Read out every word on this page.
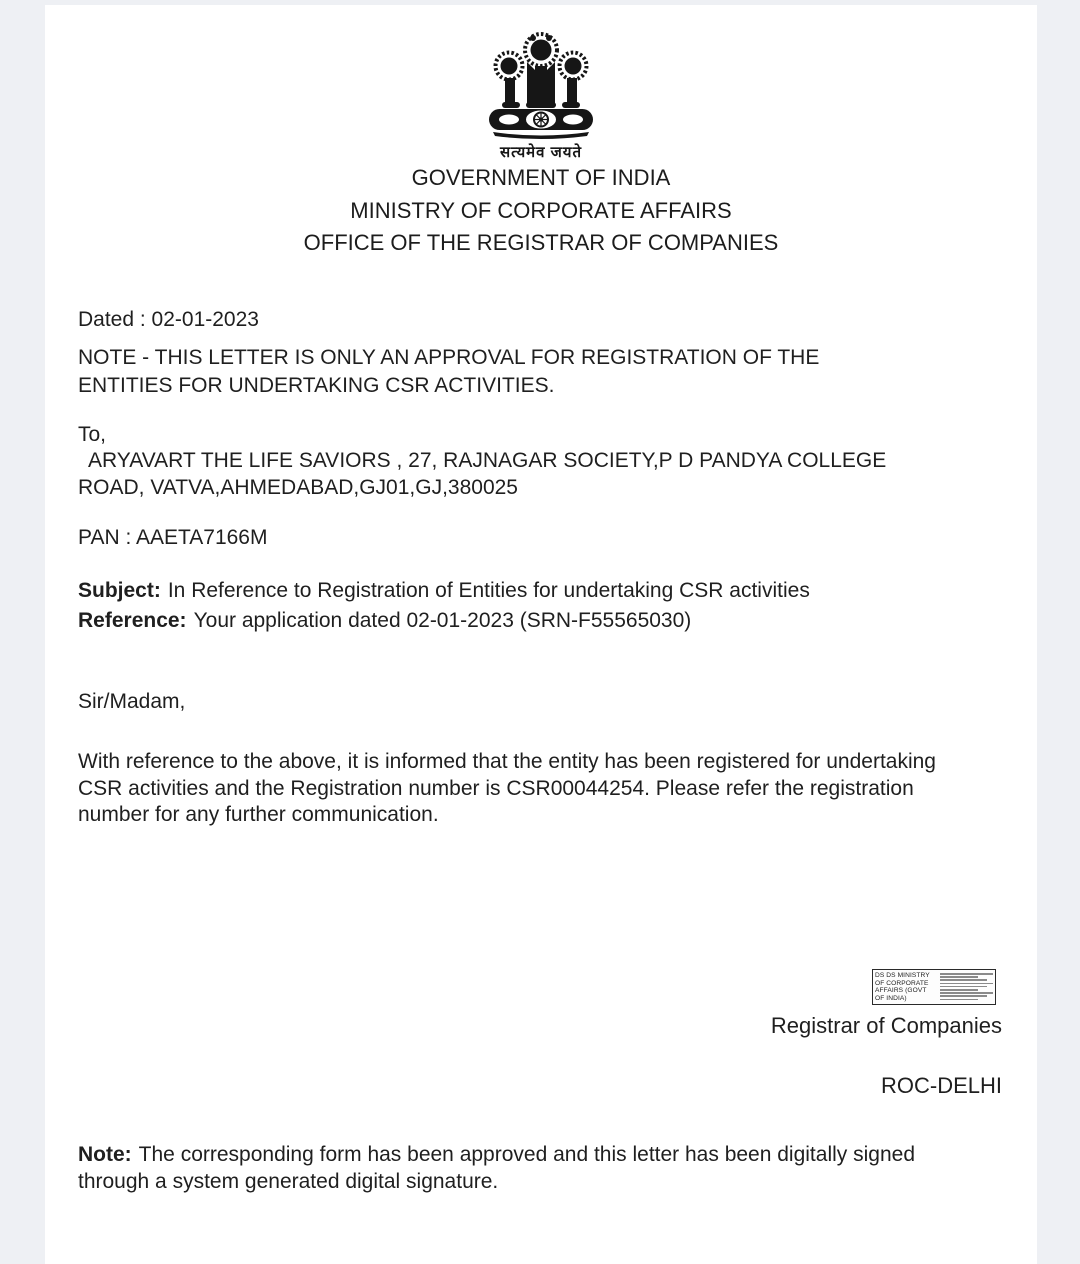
सत्यमेव जयते
GOVERNMENT OF INDIA
MINISTRY OF CORPORATE AFFAIRS
OFFICE OF THE REGISTRAR OF COMPANIES
Dated : 02-01-2023
NOTE - THIS LETTER IS ONLY AN APPROVAL FOR REGISTRATION OF THE
ENTITIES FOR UNDERTAKING CSR ACTIVITIES.
To,
ARYAVART THE LIFE SAVIORS , 27, RAJNAGAR SOCIETY,P D PANDYA COLLEGE
ROAD, VATVA,AHMEDABAD,GJ01,GJ,380025
PAN : AAETA7166M
Subject: In Reference to Registration of Entities for undertaking CSR activities
Reference: Your application dated 02-01-2023 (SRN-F55565030)
Sir/Madam,
With reference to the above, it is informed that the entity has been registered for undertaking
CSR activities and the Registration number is CSR00044254. Please refer the registration
number for any further communication.
DS DS MINISTRY OF CORPORATE AFFAIRS (GOVT OF INDIA)
Registrar of Companies
ROC-DELHI
Note: The corresponding form has been approved and this letter has been digitally signed
through a system generated digital signature.
